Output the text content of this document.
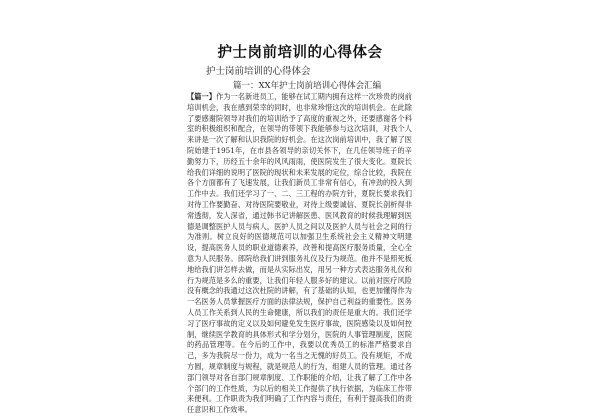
护士岗前培训的心得体会
护士岗前培训的心得体会
篇一：XX年护士岗前培训心得体会汇编

【篇一】作为一名新进员工，能够在试工期内拥有这样一次珍贵的岗前培训机会，我在感到荣幸的同时，也非常珍惜这次的培训机会。在此除了要感谢院领导对我们的培训给予了高度的重视之外，还要感谢各个科室的积极组织和配合，在领导的带领下我能够参与这次培训，对我个人来讲是一次了解和认识我院的好机会。在这次岗前培训中，我了解了医院始建于1951年，在市县各领导的亲切关怀下，在几任领导班子的辛勤努力下，历经五十余年的风风雨雨，使医院发生了很大变化。夏院长给我们详细的说明了医院的现状和未来发展的定位，综合比较，我院在各个方面都有了飞速发展，让我们新员工非常有信心，有冲劲的投入到工作中去。我们还学习了一、二、三工程的办院方针，夏院长要求我们对待工作要勤奋、对待医院要敬业，对待上级要诚信、夏院长剖析得非常透彻，发人深省，通过韩书记讲解医患、医风教育的时候我理解到医德是调整医护人员与病人，医护人员之间以及医护人员与社会之间的行为准则。树立良好的医德规范可以加强卫生系统社会主义精神文明建设，提高医务人员的职业道德素养，改善和提高医疗服务质量，全心全意为人民服务。郎院给我们讲到服务礼仪及行为规范。他并不是照死板地给我们讲怎样去做，而是从实际出发，用另一种方式表达服务礼仪和行为规范是多么的重要，让我们年轻人服多好的建议。以前对医疗风险没有概念的我通过这次杜院的讲解，有了基础的认知，也更加懂得作为一名医务人员掌握医疗方面的法律法规，保护自己利益的重要性。医务人员工作关系到人民的生命健康，所以我们的责任是重大的。我们还学习了医疗事故的定义以及如何避免发生医疗事故，医院感染以及如何控制，继续医学教育的具体形式和学分划分，医院的人事管理制度，医院的药品管理等。在今后的工作中，我要以优秀员工的标准严格要求自己，多为我院尽一份力，成为一名当之无愧的好员工。没有规矩，不成方圆，规章制度与规程，就是规范人的行为，组建人员的管理。通过各部门领导对各自部门规章制度、工作职能的介绍，让我了解了工作中各个部门的工作性质，为以后的相关工作提供了执行依据，为临床工作带来便利。工作职责为我们明确了工作内容与责任，有利于提高我们的责任意识和工作效率。
